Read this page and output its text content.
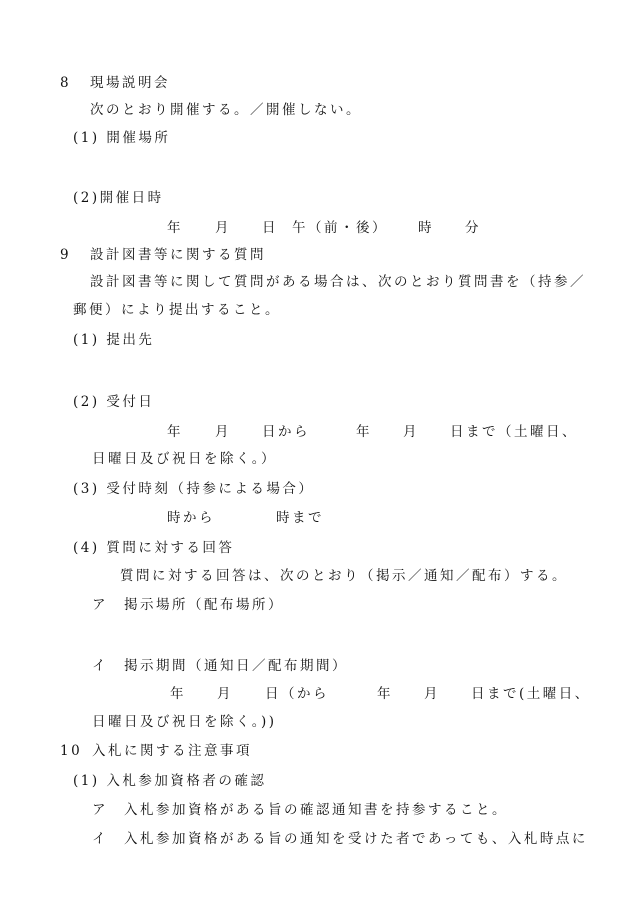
8

現場説明会

次のとおり開催する。／開催しない。

(1) 開催場所

(2)開催日時

年

月

日

午（前・後）

時

分

9

設計図書等に関する質問

設計図書等に関して質問がある場合は、次のとおり質問書を（持参／

郵便）により提出すること。

(1) 提出先

(2) 受付日

年

月

日から

	年

月

日まで（土曜日、

日曜日及び祝日を除く。）

(3) 受付時刻（持参による場合）

時から

	時まで

(4) 質問に対する回答

質問に対する回答は、次のとおり（掲示／通知／配布）する。

ア　掲示場所（配布場所）

イ　掲示期間（通知日／配布期間）

年

月

日（から

	年

月

日まで(土曜日、

日曜日及び祝日を除く。))

10

入札に関する注意事項

(1) 入札参加資格者の確認

ア　入札参加資格がある旨の確認通知書を持参すること。

イ　入札参加資格がある旨の通知を受けた者であっても、入札時点に
